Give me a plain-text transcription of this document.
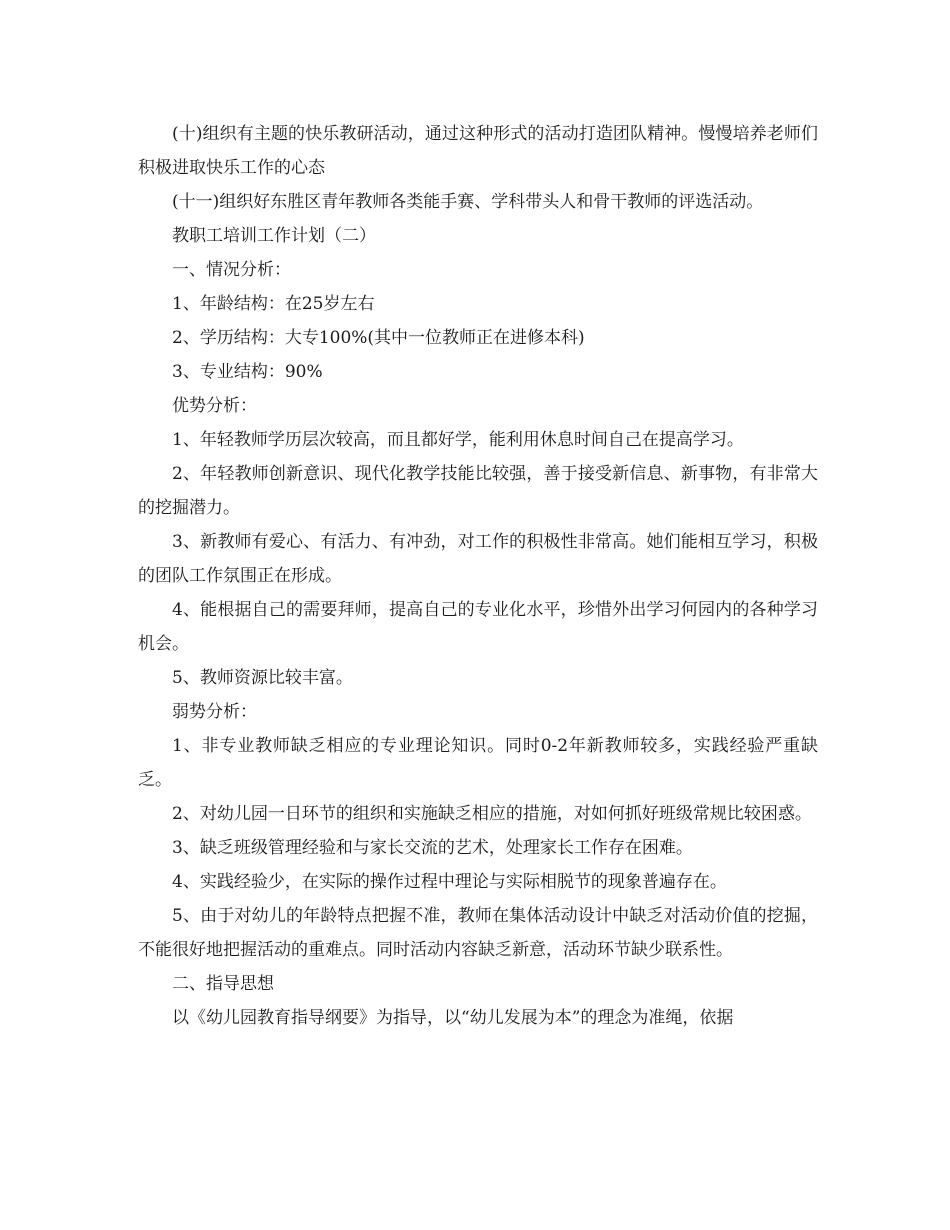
(十)组织有主题的快乐教研活动，通过这种形式的活动打造团队精神。慢慢培养老师们积极进取快乐工作的心态

(十一)组织好东胜区青年教师各类能手赛、学科带头人和骨干教师的评选活动。

教职工培训工作计划（二）

一、情况分析：

1、年龄结构：在25岁左右

2、学历结构：大专100%(其中一位教师正在进修本科)

3、专业结构：90%

优势分析：

1、年轻教师学历层次较高，而且都好学，能利用休息时间自己在提高学习。

2、年轻教师创新意识、现代化教学技能比较强，善于接受新信息、新事物，有非常大的挖掘潜力。

3、新教师有爱心、有活力、有冲劲，对工作的积极性非常高。她们能相互学习，积极的团队工作氛围正在形成。

4、能根据自己的需要拜师，提高自己的专业化水平，珍惜外出学习何园内的各种学习机会。

5、教师资源比较丰富。

弱势分析：

1、非专业教师缺乏相应的专业理论知识。同时0-2年新教师较多，实践经验严重缺乏。

2、对幼儿园一日环节的组织和实施缺乏相应的措施，对如何抓好班级常规比较困惑。

3、缺乏班级管理经验和与家长交流的艺术，处理家长工作存在困难。

4、实践经验少，在实际的操作过程中理论与实际相脱节的现象普遍存在。

5、由于对幼儿的年龄特点把握不准，教师在集体活动设计中缺乏对活动价值的挖掘，不能很好地把握活动的重难点。同时活动内容缺乏新意，活动环节缺少联系性。

二、指导思想

以《幼儿园教育指导纲要》为指导，以“幼儿发展为本”的理念为准绳，依据
